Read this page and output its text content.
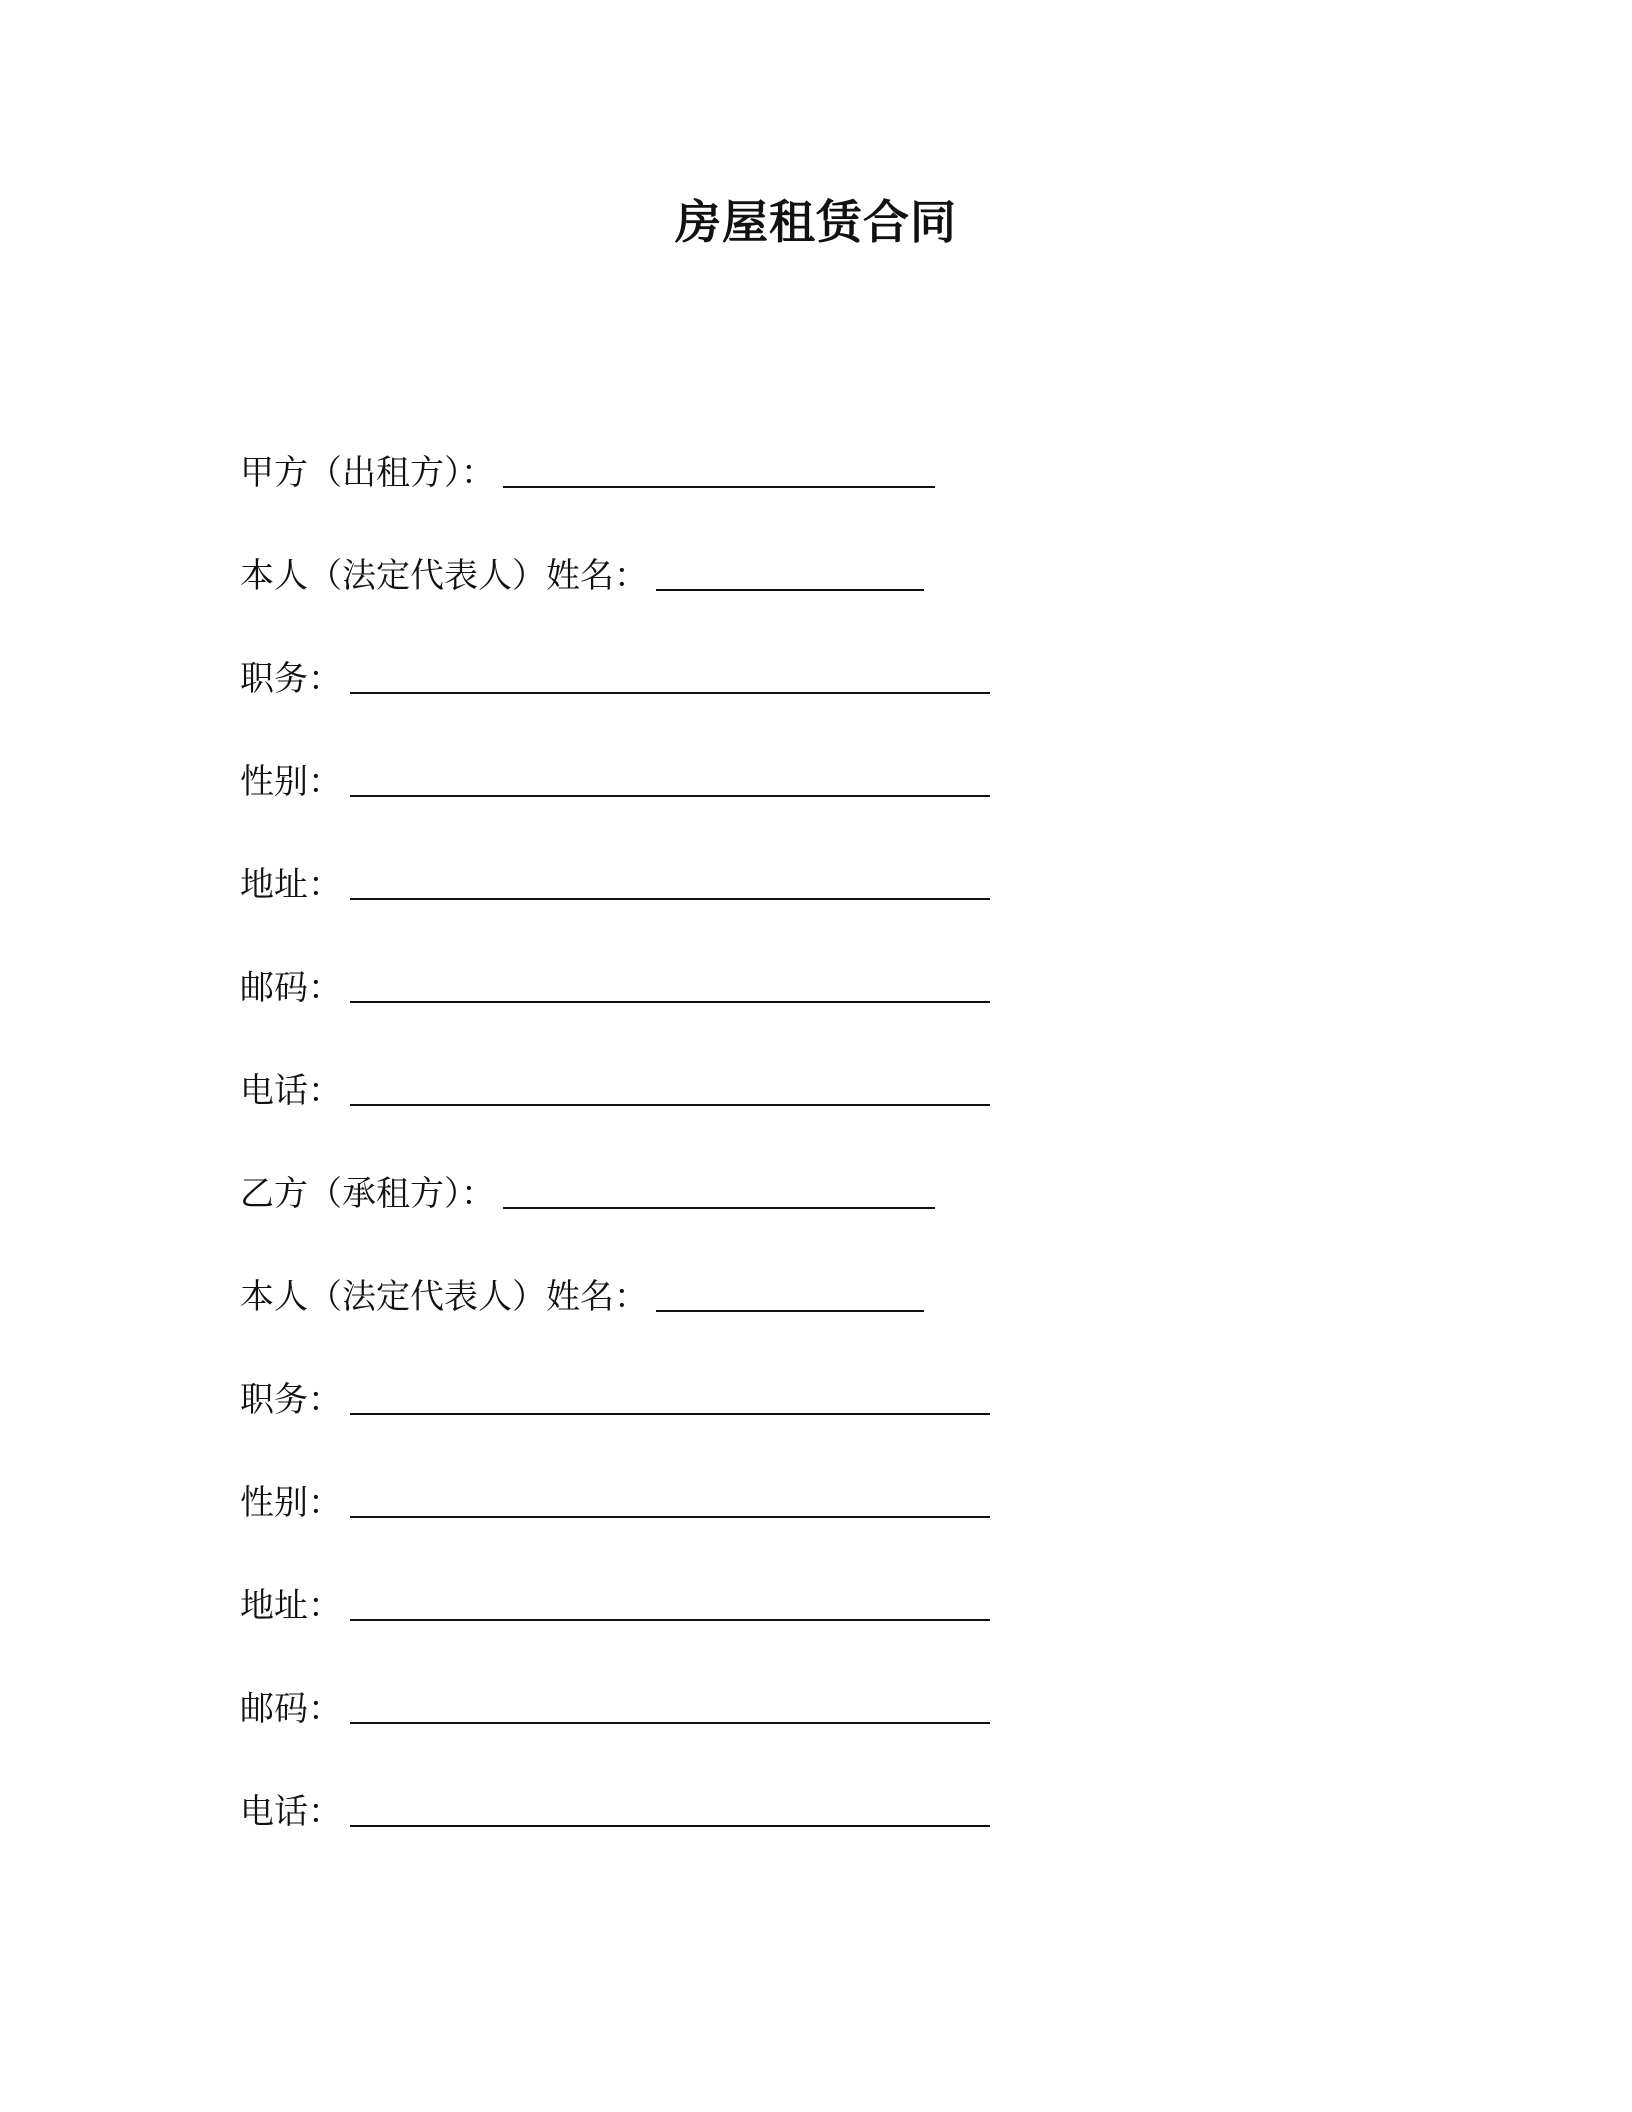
房屋租赁合同
甲方（出租方）：
本人（法定代表人）姓名：
职务：
性别：
地址：
邮码：
电话：
乙方（承租方）：
本人（法定代表人）姓名：
职务：
性别：
地址：
邮码：
电话：
